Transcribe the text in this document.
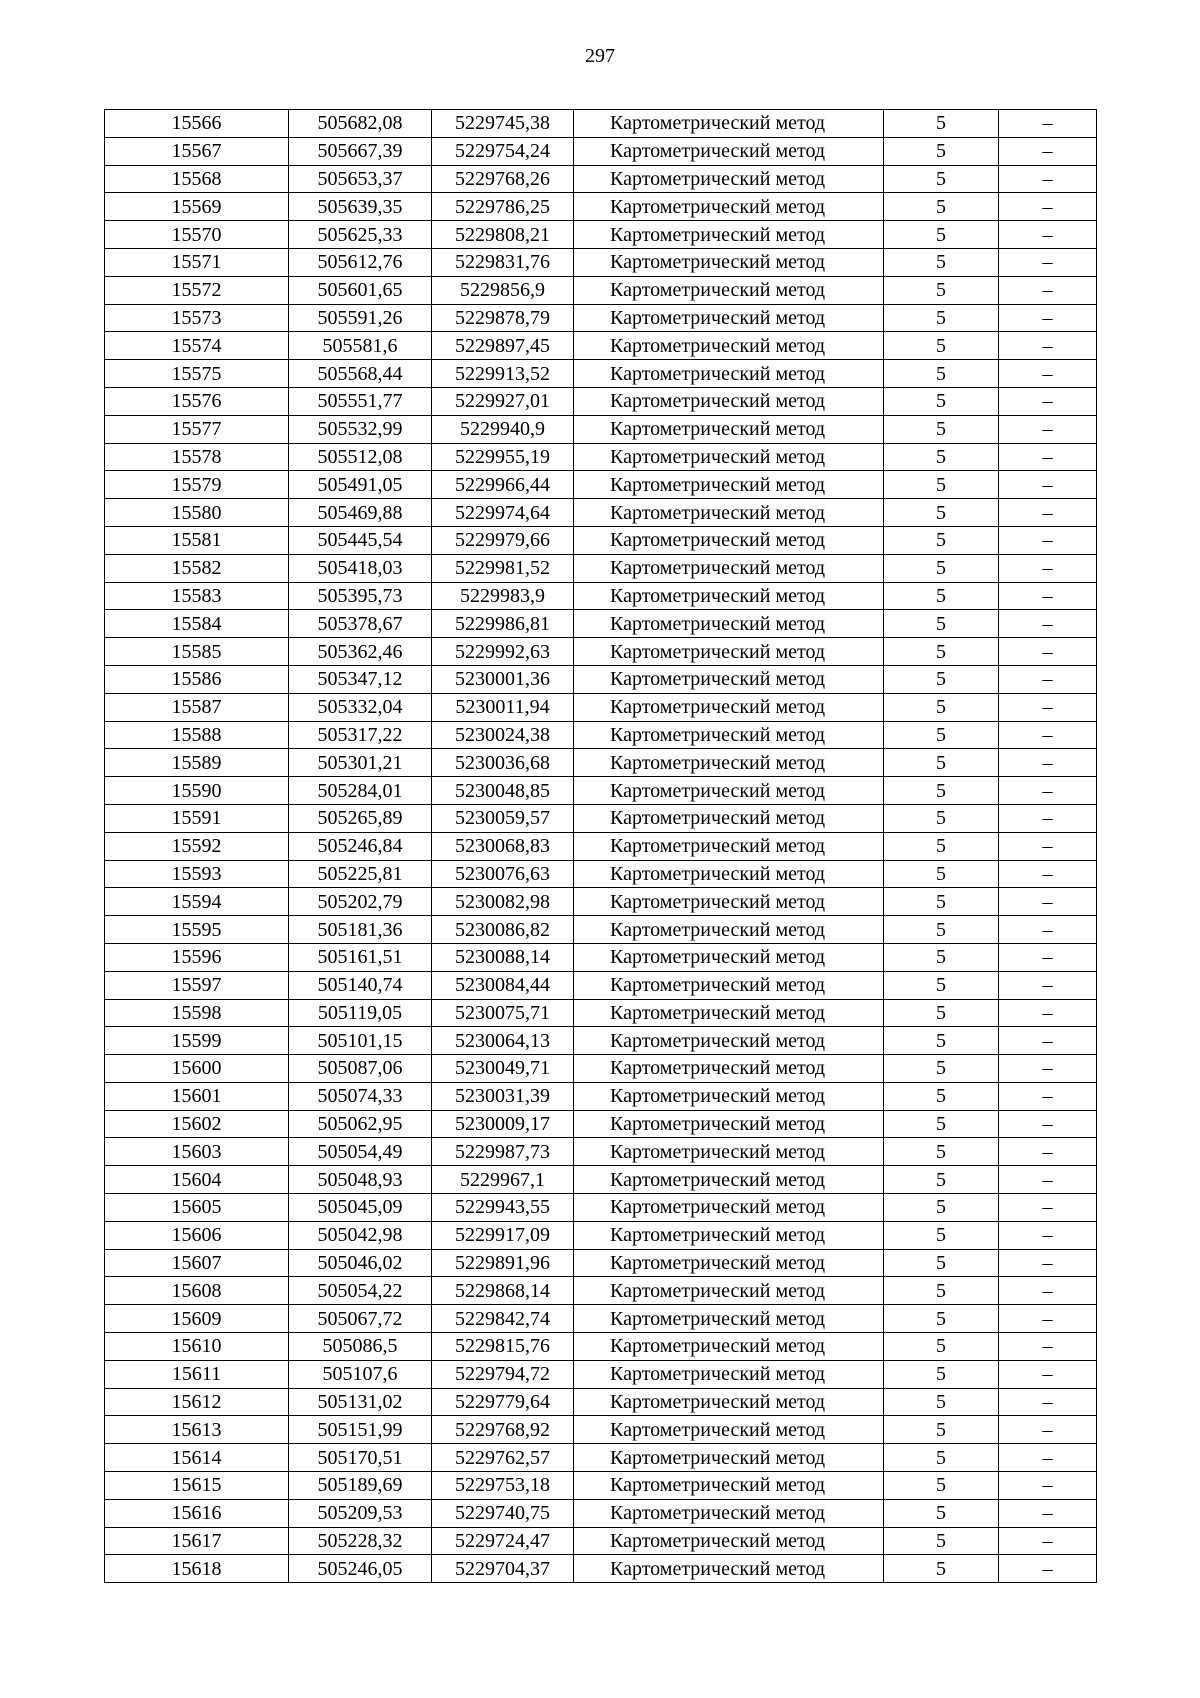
297
15566	505682,08	5229745,38	Картометрический метод	5	–
15567	505667,39	5229754,24	Картометрический метод	5	–
15568	505653,37	5229768,26	Картометрический метод	5	–
15569	505639,35	5229786,25	Картометрический метод	5	–
15570	505625,33	5229808,21	Картометрический метод	5	–
15571	505612,76	5229831,76	Картометрический метод	5	–
15572	505601,65	5229856,9	Картометрический метод	5	–
15573	505591,26	5229878,79	Картометрический метод	5	–
15574	505581,6	5229897,45	Картометрический метод	5	–
15575	505568,44	5229913,52	Картометрический метод	5	–
15576	505551,77	5229927,01	Картометрический метод	5	–
15577	505532,99	5229940,9	Картометрический метод	5	–
15578	505512,08	5229955,19	Картометрический метод	5	–
15579	505491,05	5229966,44	Картометрический метод	5	–
15580	505469,88	5229974,64	Картометрический метод	5	–
15581	505445,54	5229979,66	Картометрический метод	5	–
15582	505418,03	5229981,52	Картометрический метод	5	–
15583	505395,73	5229983,9	Картометрический метод	5	–
15584	505378,67	5229986,81	Картометрический метод	5	–
15585	505362,46	5229992,63	Картометрический метод	5	–
15586	505347,12	5230001,36	Картометрический метод	5	–
15587	505332,04	5230011,94	Картометрический метод	5	–
15588	505317,22	5230024,38	Картометрический метод	5	–
15589	505301,21	5230036,68	Картометрический метод	5	–
15590	505284,01	5230048,85	Картометрический метод	5	–
15591	505265,89	5230059,57	Картометрический метод	5	–
15592	505246,84	5230068,83	Картометрический метод	5	–
15593	505225,81	5230076,63	Картометрический метод	5	–
15594	505202,79	5230082,98	Картометрический метод	5	–
15595	505181,36	5230086,82	Картометрический метод	5	–
15596	505161,51	5230088,14	Картометрический метод	5	–
15597	505140,74	5230084,44	Картометрический метод	5	–
15598	505119,05	5230075,71	Картометрический метод	5	–
15599	505101,15	5230064,13	Картометрический метод	5	–
15600	505087,06	5230049,71	Картометрический метод	5	–
15601	505074,33	5230031,39	Картометрический метод	5	–
15602	505062,95	5230009,17	Картометрический метод	5	–
15603	505054,49	5229987,73	Картометрический метод	5	–
15604	505048,93	5229967,1	Картометрический метод	5	–
15605	505045,09	5229943,55	Картометрический метод	5	–
15606	505042,98	5229917,09	Картометрический метод	5	–
15607	505046,02	5229891,96	Картометрический метод	5	–
15608	505054,22	5229868,14	Картометрический метод	5	–
15609	505067,72	5229842,74	Картометрический метод	5	–
15610	505086,5	5229815,76	Картометрический метод	5	–
15611	505107,6	5229794,72	Картометрический метод	5	–
15612	505131,02	5229779,64	Картометрический метод	5	–
15613	505151,99	5229768,92	Картометрический метод	5	–
15614	505170,51	5229762,57	Картометрический метод	5	–
15615	505189,69	5229753,18	Картометрический метод	5	–
15616	505209,53	5229740,75	Картометрический метод	5	–
15617	505228,32	5229724,47	Картометрический метод	5	–
15618	505246,05	5229704,37	Картометрический метод	5	–
